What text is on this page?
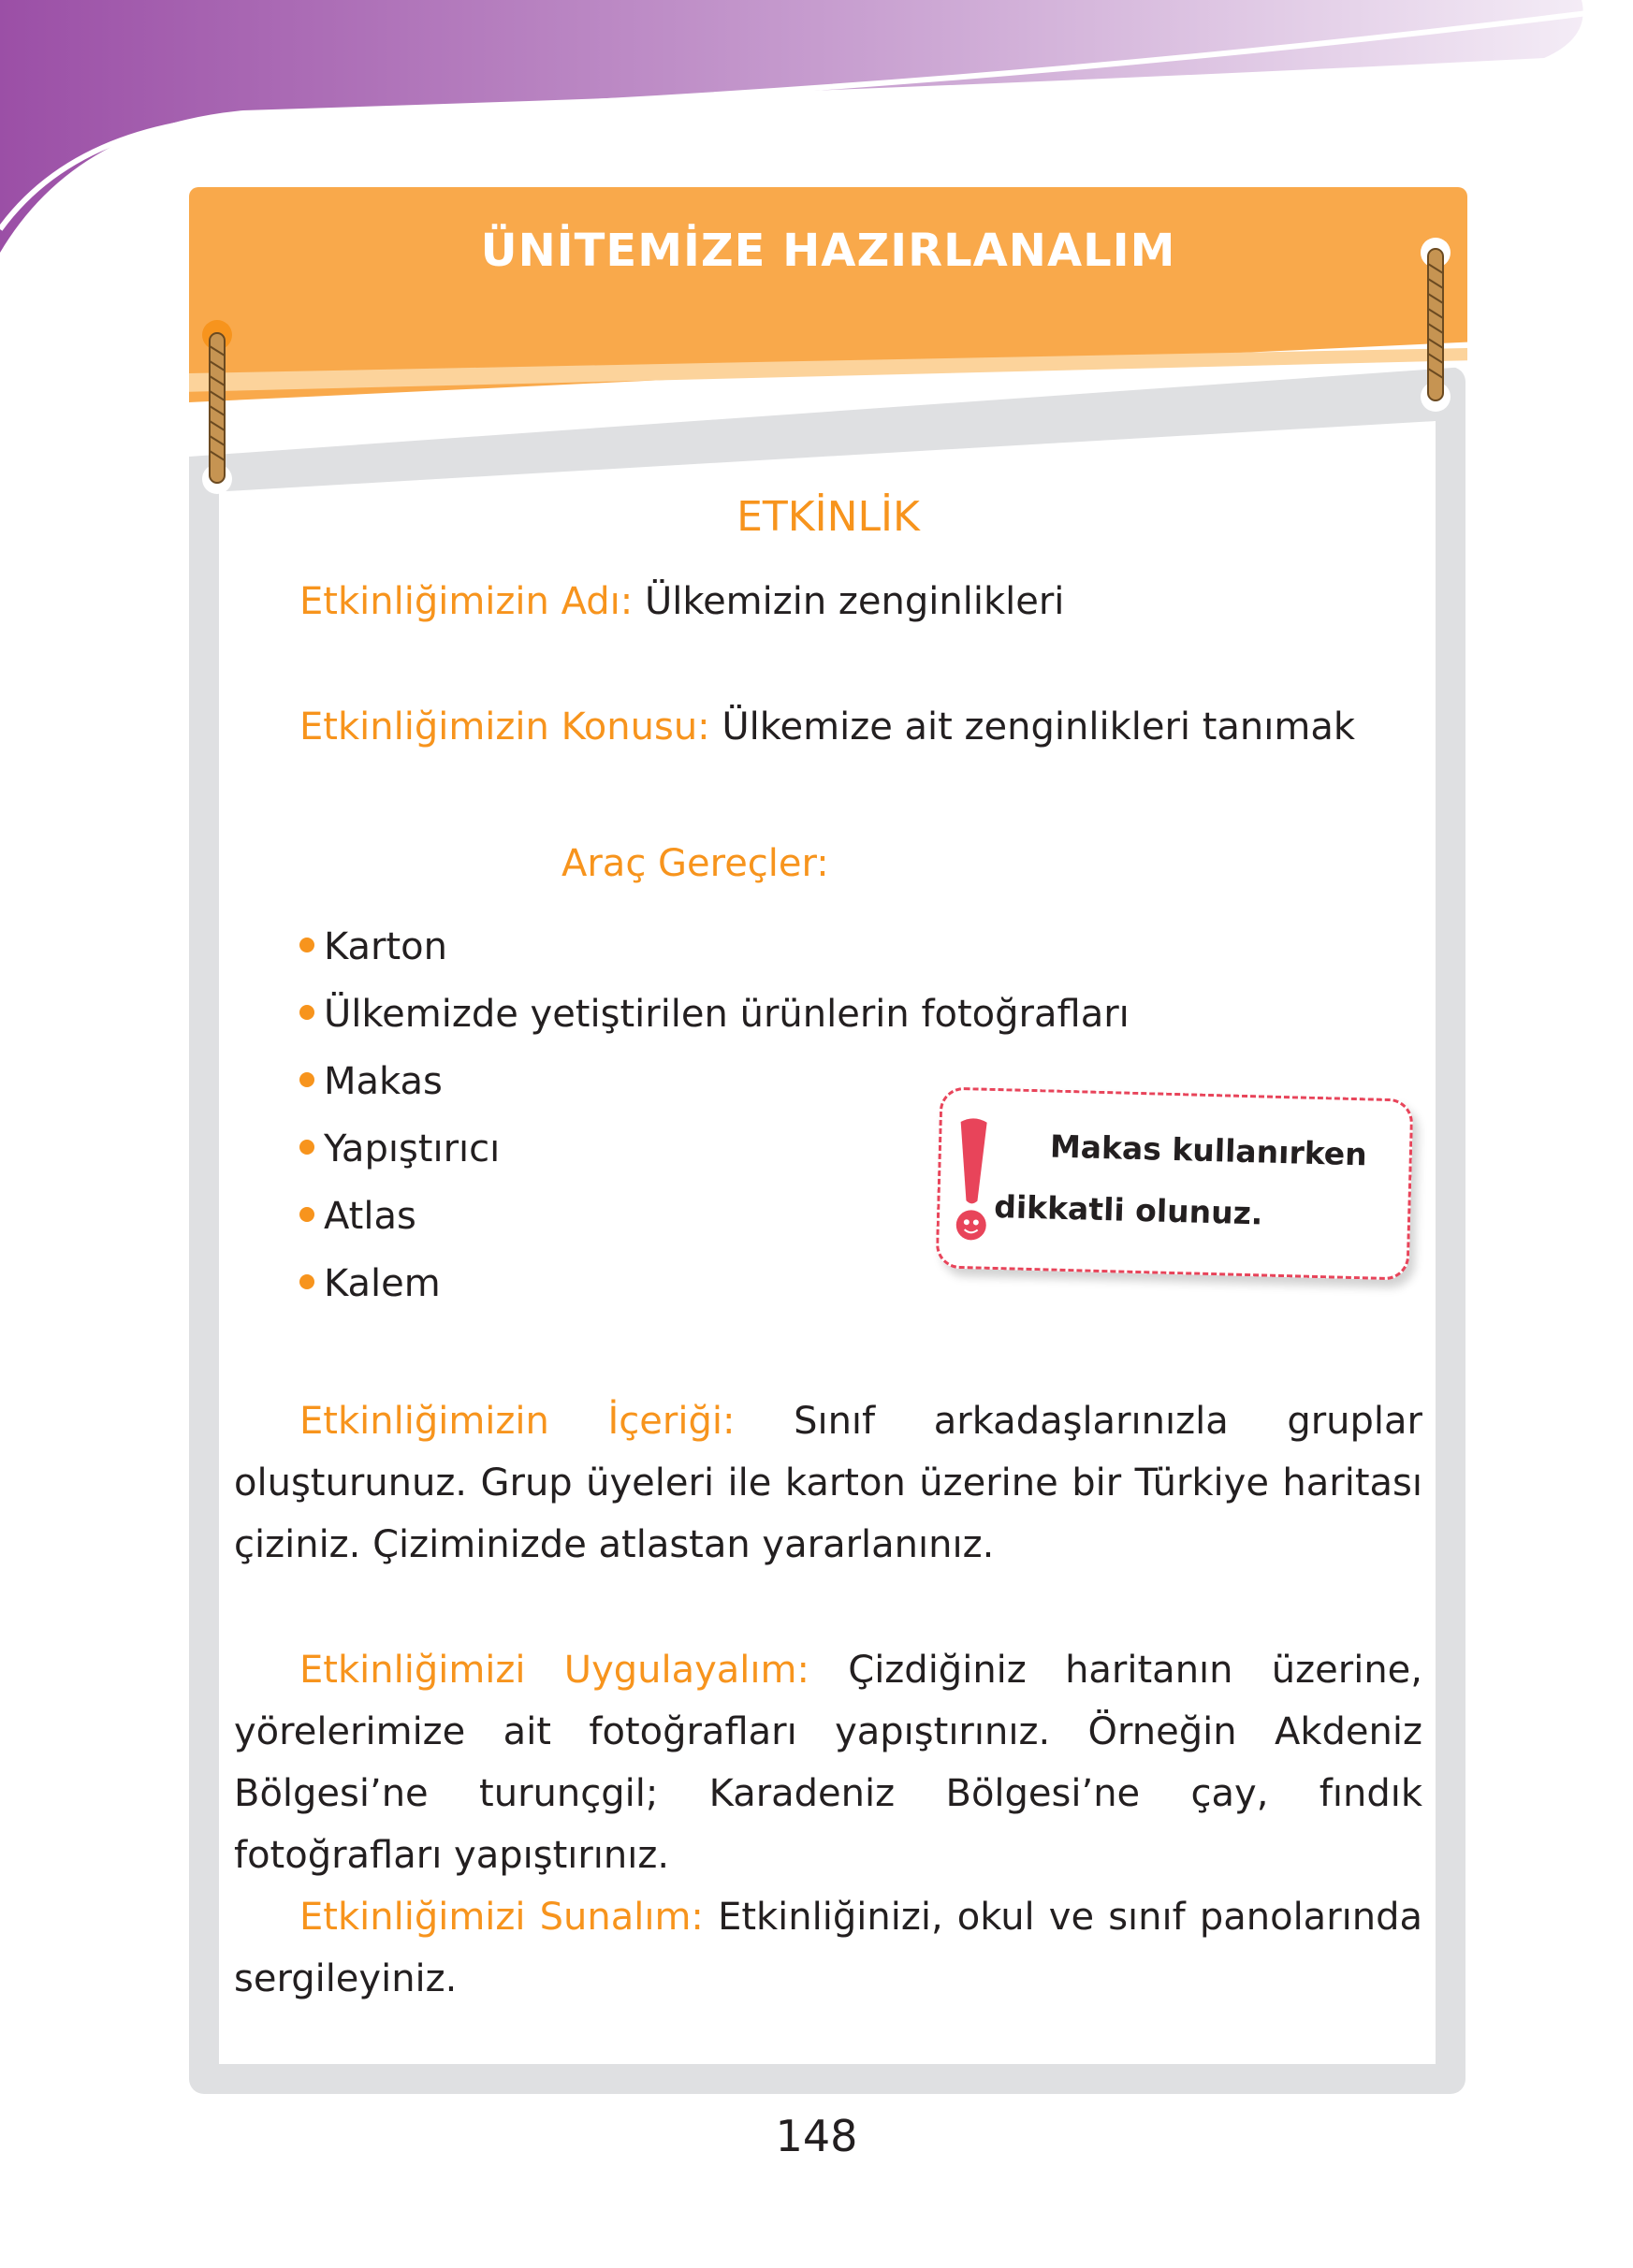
ÜNİTEMİZE HAZIRLANALIM
ETKİNLİK
Etkinliğimizin Adı: Ülkemizin zenginlikleri
Etkinliğimizin Konusu: Ülkemize ait zenginlikleri tanımak
Araç Gereçler:
Karton
Ülkemizde yetiştirilen ürünlerin fotoğrafları
Makas
Yapıştırıcı
Atlas
Kalem
Etkinliğimizin İçeriği: Sınıf arkadaşlarınızla gruplar oluşturunuz. Grup üyeleri ile karton üzerine bir Türkiye haritası çiziniz. Çiziminizde atlastan yararlanınız.
Etkinliğimizi Uygulayalım: Çizdiğiniz haritanın üzerine, yörelerimize ait fotoğrafları yapıştırınız. Örneğin Akdeniz Bölgesi’ne turunçgil; Karadeniz Bölgesi’ne çay, fındık fotoğrafları yapıştırınız.
Etkinliğimizi Sunalım: Etkinliğinizi, okul ve sınıf panolarında sergileyiniz.
Makas kullanırken
dikkatli olunuz.
148
